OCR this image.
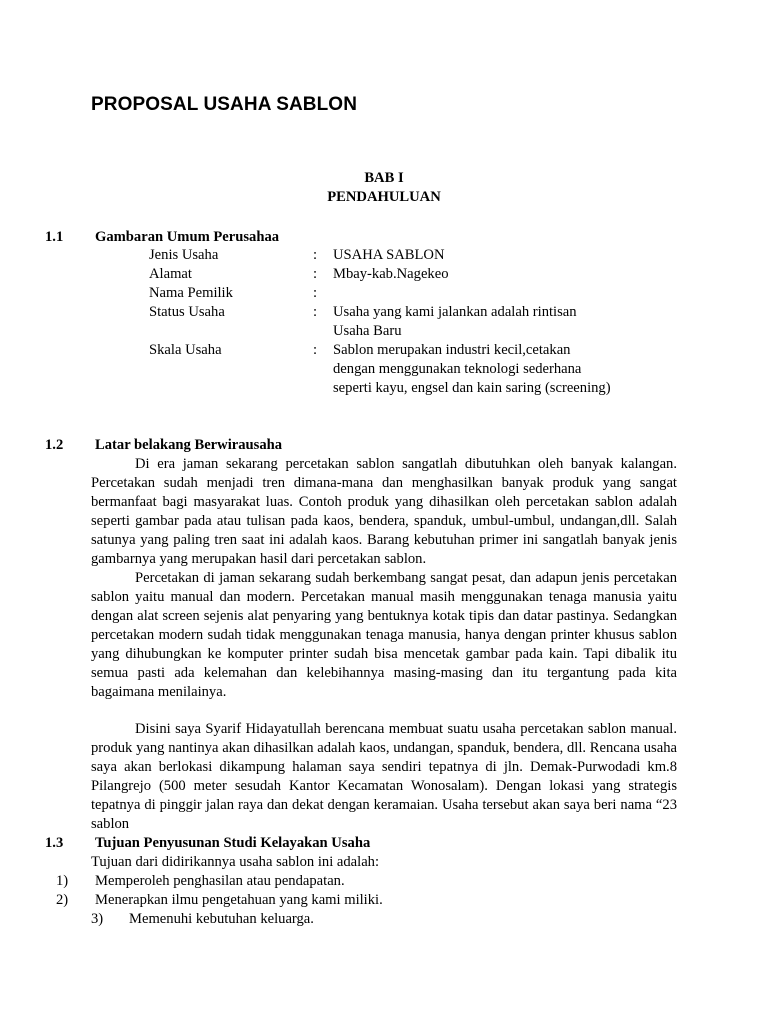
PROPOSAL USAHA SABLON
BAB I
PENDAHULUAN
1.1 Gambaran Umum Perusahaa
Jenis Usaha	: USAHA SABLON
Alamat	: Mbay-kab.Nagekeo
Nama Pemilik	:
Status Usaha	: Usaha yang kami jalankan adalah rintisan
Usaha Baru
Skala Usaha	: Sablon merupakan industri kecil,cetakan
dengan menggunakan teknologi sederhana
seperti kayu, engsel dan kain saring (screening)
1.2 Latar belakang Berwirausaha

Di era jaman sekarang percetakan sablon sangatlah dibutuhkan oleh banyak kalangan. Percetakan sudah menjadi tren dimana-mana dan menghasilkan banyak produk yang sangat bermanfaat bagi masyarakat luas. Contoh produk yang dihasilkan oleh percetakan sablon adalah seperti gambar pada atau tulisan pada kaos, bendera, spanduk, umbul-umbul, undangan,dll. Salah satunya yang paling tren saat ini adalah kaos. Barang kebutuhan primer ini sangatlah banyak jenis gambarnya yang merupakan hasil dari percetakan sablon.

Percetakan di jaman sekarang sudah berkembang sangat pesat, dan adapun jenis percetakan sablon yaitu manual dan modern. Percetakan manual masih menggunakan tenaga manusia yaitu dengan alat screen sejenis alat penyaring yang bentuknya kotak tipis dan datar pastinya. Sedangkan percetakan modern sudah tidak menggunakan tenaga manusia, hanya dengan printer khusus sablon yang dihubungkan ke komputer printer sudah bisa mencetak gambar pada kain. Tapi dibalik itu semua pasti ada kelemahan dan kelebihannya masing-masing dan itu tergantung pada kita bagaimana menilainya.

Disini saya Syarif Hidayatullah berencana membuat suatu usaha percetakan sablon manual. produk yang nantinya akan dihasilkan adalah kaos, undangan, spanduk, bendera, dll. Rencana usaha saya akan berlokasi dikampung halaman saya sendiri tepatnya di jln. Demak-Purwodadi km.8 Pilangrejo (500 meter sesudah Kantor Kecamatan Wonosalam). Dengan lokasi yang strategis tepatnya di pinggir jalan raya dan dekat dengan keramaian. Usaha tersebut akan saya beri nama “23 sablon

1.3 Tujuan Penyusunan Studi Kelayakan Usaha
Tujuan dari didirikannya usaha sablon ini adalah:
1) Memperoleh penghasilan atau pendapatan.
2) Menerapkan ilmu pengetahuan yang kami miliki.
3) Memenuhi kebutuhan keluarga.
